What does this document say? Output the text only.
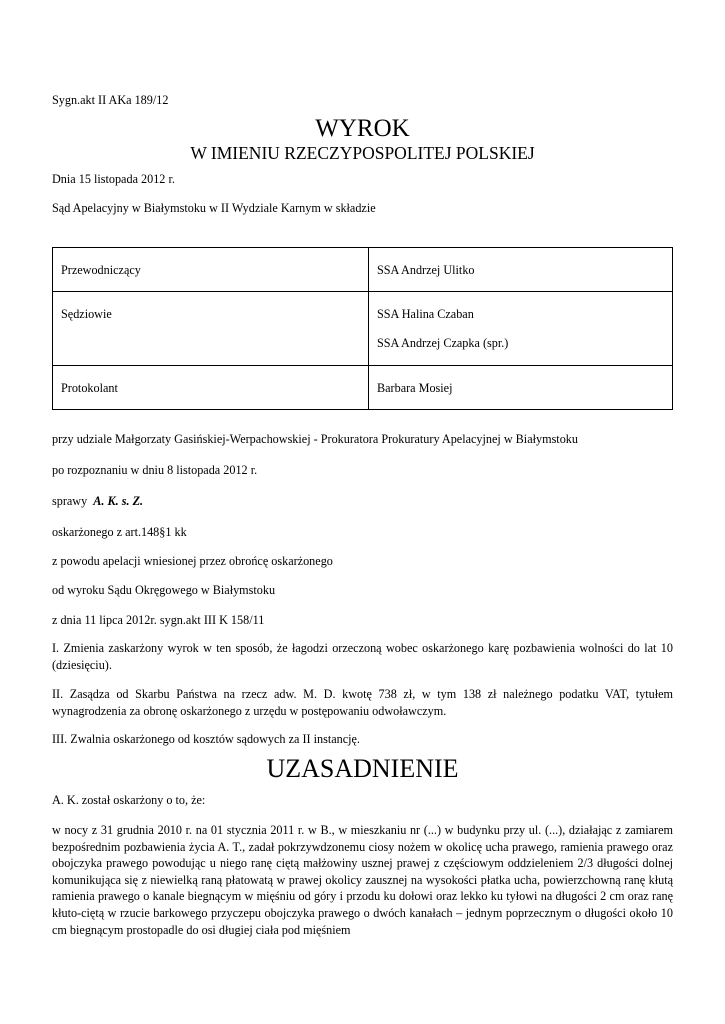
Sygn.akt II AKa 189/12
WYROK
W IMIENIU RZECZYPOSPOLITEJ POLSKIEJ
Dnia 15 listopada 2012 r.
Sąd Apelacyjny w Białymstoku w II Wydziale Karnym w składzie
Przewodniczący	SSA Andrzej Ulitko
Sędziowie	SSA Halina Czaban
SSA Andrzej Czapka (spr.)

Protokolant	Barbara Mosiej
przy udziale Małgorzaty Gasińskiej-Werpachowskiej - Prokuratora Prokuratury Apelacyjnej w Białymstoku
po rozpoznaniu w dniu 8 listopada 2012 r.
sprawy A. K. s. Z.
oskarżonego z art.148§1 kk
z powodu apelacji wniesionej przez obrońcę oskarżonego
od wyroku Sądu Okręgowego w Białymstoku
z dnia 11 lipca 2012r. sygn.akt III K 158/11
I. Zmienia zaskarżony wyrok w ten sposób, że łagodzi orzeczoną wobec oskarżonego karę pozbawienia wolności do lat 10 (dziesięciu).
II. Zasądza od Skarbu Państwa na rzecz adw. M. D. kwotę 738 zł, w tym 138 zł należnego podatku VAT, tytułem wynagrodzenia za obronę oskarżonego z urzędu w postępowaniu odwoławczym.
III. Zwalnia oskarżonego od kosztów sądowych za II instancję.
UZASADNIENIE
A. K. został oskarżony o to, że:
w nocy z 31 grudnia 2010 r. na 01 stycznia 2011 r. w B., w mieszkaniu nr (...) w budynku przy ul. (...), działając z zamiarem bezpośrednim pozbawienia życia A. T., zadał pokrzywdzonemu ciosy nożem w okolicę ucha prawego, ramienia prawego oraz obojczyka prawego powodując u niego ranę ciętą małżowiny usznej prawej z częściowym oddzieleniem 2/3 długości dolnej komunikująca się z niewielką raną płatowatą w prawej okolicy zausznej na wysokości płatka ucha, powierzchowną ranę kłutą ramienia prawego o kanale biegnącym w mięśniu od góry i przodu ku dołowi oraz lekko ku tyłowi na długości 2 cm oraz ranę kłuto-ciętą w rzucie barkowego przyczepu obojczyka prawego o dwóch kanałach – jednym poprzecznym o długości około 10 cm biegnącym prostopadle do osi długiej ciała pod mięśniem
